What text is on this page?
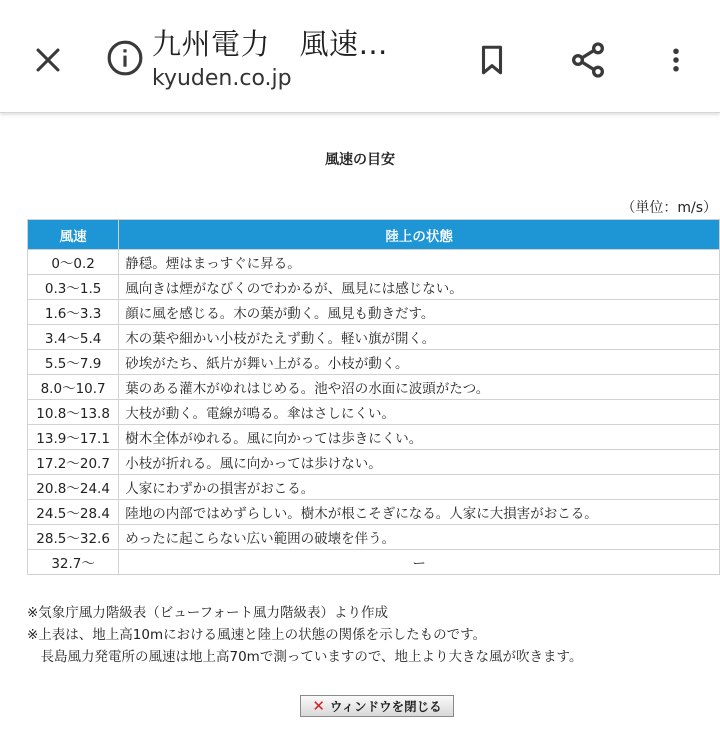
九州電力　風速…
kyuden.co.jp
風速の目安
（単位：m/s）
風速	陸上の状態
0〜0.2	静穏。煙はまっすぐに昇る。
0.3〜1.5	風向きは煙がなびくのでわかるが、風見には感じない。
1.6〜3.3	顔に風を感じる。木の葉が動く。風見も動きだす。
3.4〜5.4	木の葉や細かい小枝がたえず動く。軽い旗が開く。
5.5〜7.9	砂埃がたち、紙片が舞い上がる。小枝が動く。
8.0〜10.7	葉のある灌木がゆれはじめる。池や沼の水面に波頭がたつ。
10.8〜13.8	大枝が動く。電線が鳴る。傘はさしにくい。
13.9〜17.1	樹木全体がゆれる。風に向かっては歩きにくい。
17.2〜20.7	小枝が折れる。風に向かっては歩けない。
20.8〜24.4	人家にわずかの損害がおこる。
24.5〜28.4	陸地の内部ではめずらしい。樹木が根こそぎになる。人家に大損害がおこる。
28.5〜32.6	めったに起こらない広い範囲の破壊を伴う。
32.7〜	ー
※気象庁風力階級表（ビューフォート風力階級表）より作成
※上表は、地上高10mにおける風速と陸上の状態の関係を示したものです。
　長島風力発電所の風速は地上高70mで測っていますので、地上より大きな風が吹きます。
✕ ウィンドウを閉じる
